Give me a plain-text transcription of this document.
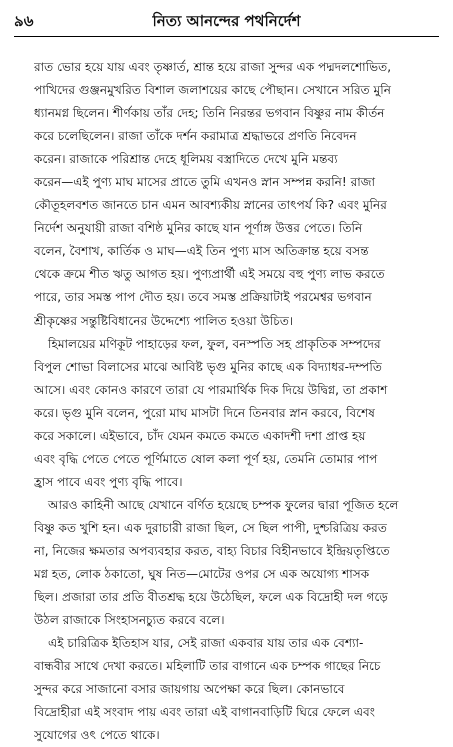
৯৬	নিত্য আনন্দের পথনির্দেশ
রাত ভোর হয়ে যায় এবং তৃষ্ণার্ত, শ্রান্ত হয়ে রাজা সুন্দর এক পদ্মদলশোভিত,
পাখিদের গুঞ্জনমুখরিত বিশাল জলাশয়ের কাছে পৌছান। সেখানে সরিত মুনি
ধ্যানমগ্ন ছিলেন। শীর্ণকায় তাঁর দেহ; তিনি নিরন্তর ভগবান বিষ্ণুর নাম কীর্তন
করে চলেছিলেন। রাজা তাঁকে দর্শন করামাত্র শ্রদ্ধাভরে প্রণতি নিবেদন
করেন। রাজাকে পরিশ্রান্ত দেহে ধূলিময় বস্ত্রাদিতে দেখে মুনি মন্তব্য
করেন—এই পুণ্য মাঘ মাসের প্রাতে তুমি এখনও স্নান সম্পন্ন করনি! রাজা
কৌতূহলবশত জানতে চান এমন আবশ্যকীয় স্নানের তাৎপর্য কি? এবং মুনির
নির্দেশ অনুযায়ী রাজা বশিষ্ঠ মুনির কাছে যান পূর্ণাঙ্গ উত্তর পেতে। তিনি
বলেন, বৈশাখ, কার্তিক ও মাঘ—এই তিন পুণ্য মাস অতিক্রান্ত হয়ে বসন্ত
থেকে ক্রমে শীত ঋতু আগত হয়। পুণ্যপ্রার্থী এই সময়ে বহু পুণ্য লাভ করতে
পারে, তার সমস্ত পাপ দৌত হয়। তবে সমস্ত প্রক্রিয়াটাই পরমেশ্বর ভগবান
শ্রীকৃষ্ণের সন্তুষ্টিবিধানের উদ্দেশ্যে পালিত হওয়া উচিত।
হিমালয়ের মণিকূট পাহাড়ের ফল, ফুল, বনস্পতি সহ প্রাকৃতিক সম্পদের
বিপুল শোভা বিলাসের মাঝে আবিষ্ট ভৃগু মুনির কাছে এক বিদ্যাধর-দম্পতি
আসে। এবং কোনও কারণে তারা যে পারমার্থিক দিক দিয়ে উদ্বিগ্ন, তা প্রকাশ
করে। ভৃগু মুনি বলেন, পুরো মাঘ মাসটা দিনে তিনবার স্নান করবে, বিশেষ
করে সকালে। এইভাবে, চাঁদ যেমন কমতে কমতে একাদশী দশা প্রাপ্ত হয়
এবং বৃদ্ধি পেতে পেতে পূর্ণিমাতে ষোল কলা পূর্ণ হয়, তেমনি তোমার পাপ
হ্রাস পাবে এবং পুণ্য বৃদ্ধি পাবে।
আরও কাহিনী আছে যেখানে বর্ণিত হয়েছে চম্পক ফুলের দ্বারা পূজিত হলে
বিষ্ণু কত খুশি হন। এক দুরাচারী রাজা ছিল, সে ছিল পাপী, দুশ্চরিত্রিয় করত
না, নিজের ক্ষমতার অপব্যবহার করত, বাহ্য বিচার বিহীনভাবে ইন্দ্রিয়তৃপ্তিতে
মগ্ন হত, লোক ঠকাতো, ঘুষ নিত—মোটের ওপর সে এক অযোগ্য শাসক
ছিল। প্রজারা তার প্রতি বীতশ্রদ্ধ হয়ে উঠেছিল, ফলে এক বিদ্রোহী দল গড়ে
উঠল রাজাকে সিংহাসনচ্যুত করবে বলে।
এই চারিত্রিক ইতিহাস যার, সেই রাজা একবার যায় তার এক বেশ্যা-
বান্ধবীর সাথে দেখা করতে। মহিলাটি তার বাগানে এক চম্পক গাছের নিচে
সুন্দর করে সাজানো বসার জায়গায় অপেক্ষা করে ছিল। কোনভাবে
বিদ্রোহীরা এই সংবাদ পায় এবং তারা এই বাগানবাড়িটি ঘিরে ফেলে এবং
সুযোগের ওৎ পেতে থাকে।
